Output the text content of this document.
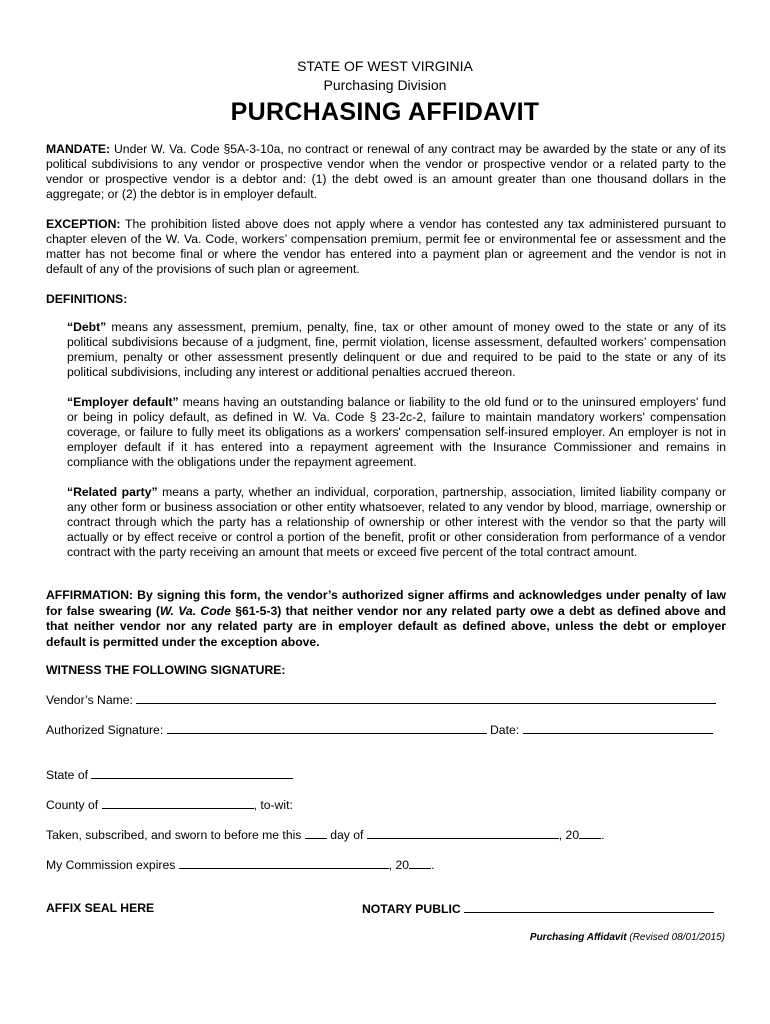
STATE OF WEST VIRGINIA
Purchasing Division
PURCHASING AFFIDAVIT
MANDATE: Under W. Va. Code §5A-3-10a, no contract or renewal of any contract may be awarded by the state or any of its political subdivisions to any vendor or prospective vendor when the vendor or prospective vendor or a related party to the vendor or prospective vendor is a debtor and: (1) the debt owed is an amount greater than one thousand dollars in the aggregate; or (2) the debtor is in employer default.
EXCEPTION: The prohibition listed above does not apply where a vendor has contested any tax administered pursuant to chapter eleven of the W. Va. Code, workers’ compensation premium, permit fee or environmental fee or assessment and the matter has not become final or where the vendor has entered into a payment plan or agreement and the vendor is not in default of any of the provisions of such plan or agreement.
DEFINITIONS:
“Debt” means any assessment, premium, penalty, fine, tax or other amount of money owed to the state or any of its political subdivisions because of a judgment, fine, permit violation, license assessment, defaulted workers’ compensation premium, penalty or other assessment presently delinquent or due and required to be paid to the state or any of its political subdivisions, including any interest or additional penalties accrued thereon.
“Employer default” means having an outstanding balance or liability to the old fund or to the uninsured employers' fund or being in policy default, as defined in W. Va. Code § 23-2c-2, failure to maintain mandatory workers' compensation coverage, or failure to fully meet its obligations as a workers' compensation self-insured employer. An employer is not in employer default if it has entered into a repayment agreement with the Insurance Commissioner and remains in compliance with the obligations under the repayment agreement.
“Related party” means a party, whether an individual, corporation, partnership, association, limited liability company or any other form or business association or other entity whatsoever, related to any vendor by blood, marriage, ownership or contract through which the party has a relationship of ownership or other interest with the vendor so that the party will actually or by effect receive or control a portion of the benefit, profit or other consideration from performance of a vendor contract with the party receiving an amount that meets or exceed five percent of the total contract amount.
AFFIRMATION: By signing this form, the vendor’s authorized signer affirms and acknowledges under penalty of law for false swearing (W. Va. Code §61-5-3) that neither vendor nor any related party owe a debt as defined above and that neither vendor nor any related party are in employer default as defined above, unless the debt or employer default is permitted under the exception above.
WITNESS THE FOLLOWING SIGNATURE:
Vendor’s Name:
Authorized Signature:	Date:
State of
County of	, to-wit:
Taken, subscribed, and sworn to before me this day of	, 20 .
My Commission expires	, 20 .
AFFIX SEAL HERE	NOTARY PUBLIC
Purchasing Affidavit (Revised 08/01/2015)
